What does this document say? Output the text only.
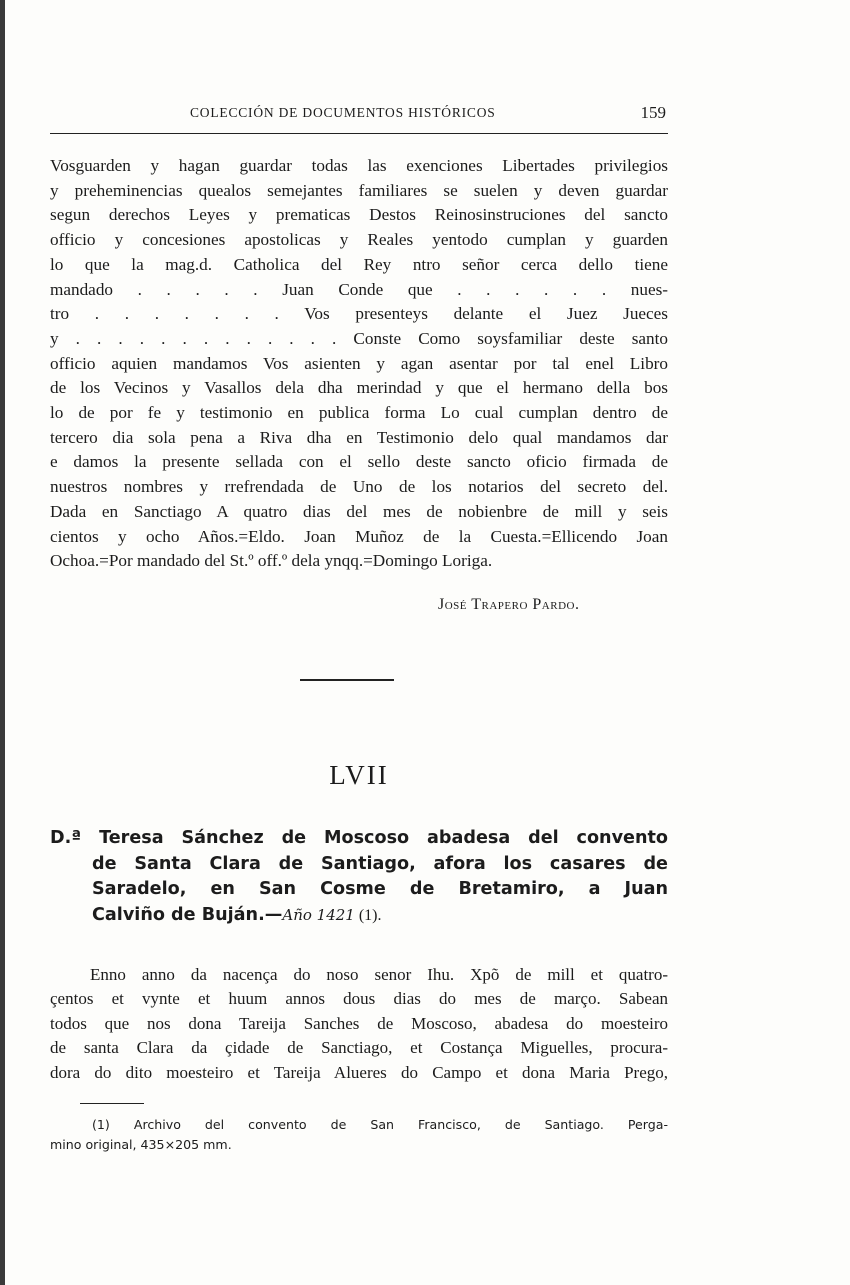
COLECCIÓN DE DOCUMENTOS HISTÓRICOS	159
Vosguarden y hagan guardar todas las exenciones Libertades privilegios
y preheminencias quealos semejantes familiares se suelen y deven guardar
segun derechos Leyes y prematicas Destos Reinosinstruciones del sancto
officio y concesiones apostolicas y Reales yentodo cumplan y guarden
lo que la mag.d. Catholica del Rey ntro señor cerca dello tiene
mandado . . . . . Juan Conde que . . . . . . nues-
tro . . . . . . . Vos presenteys delante el Juez Jueces
y . . . . . . . . . . . . . Conste Como soysfamiliar deste santo
officio aquien mandamos Vos asienten y agan asentar por tal enel Libro
de los Vecinos y Vasallos dela dha merindad y que el hermano della bos
lo de por fe y testimonio en publica forma Lo cual cumplan dentro de
tercero dia sola pena a Riva dha en Testimonio delo qual mandamos dar
e damos la presente sellada con el sello deste sancto oficio firmada de
nuestros nombres y rrefrendada de Uno de los notarios del secreto del.
Dada en Sanctiago A quatro dias del mes de nobienbre de mill y seis
cientos y ocho Años.=Eldo. Joan Muñoz de la Cuesta.=Ellicendo Joan
Ochoa.=Por mandado del St.º off.º dela ynqq.=Domingo Loriga.
José Trapero Pardo.
LVII
D.ª Teresa Sánchez de Moscoso abadesa del convento
de Santa Clara de Santiago, afora los casares de
Saradelo, en San Cosme de Bretamiro, a Juan
Calviño de Buján.—Año 1421 (1).
Enno anno da nacença do noso senor Ihu. Xpõ de mill et quatro-
çentos et vynte et huum annos dous dias do mes de março. Sabean
todos que nos dona Tareija Sanches de Moscoso, abadesa do moesteiro
de santa Clara da çidade de Sanctiago, et Costança Miguelles, procura-
dora do dito moesteiro et Tareija Alueres do Campo et dona Maria Prego,
(1) Archivo del convento de San Francisco, de Santiago. Perga-
mino original, 435×205 mm.
